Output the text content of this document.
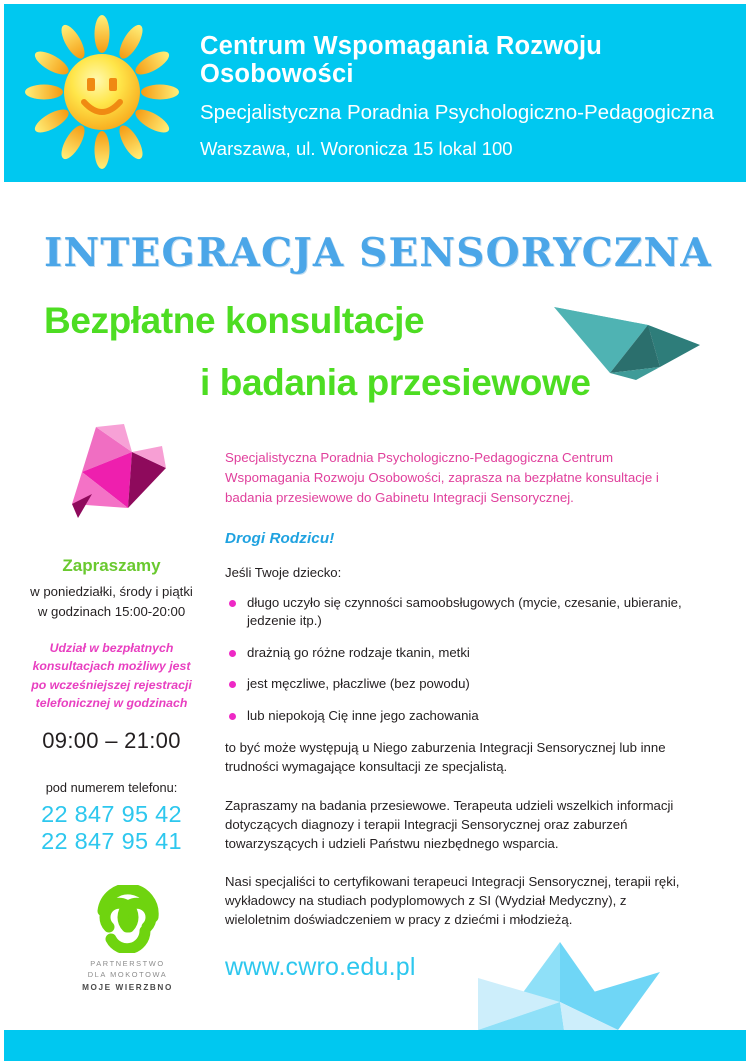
Centrum Wspomagania Rozwoju Osobowości
Specjalistyczna Poradnia Psychologiczno-Pedagogiczna
Warszawa, ul. Woronicza 15 lokal 100
INTEGRACJA SENSORYCZNA
Bezpłatne konsultacje
i badania przesiewowe
Zapraszamy
w poniedziałki, środy i piątki
w godzinach 15:00-20:00
Udział w bezpłatnych
konsultacjach możliwy jest
po wcześniejszej rejestracji
telefonicznej w godzinach
09:00 – 21:00
pod numerem telefonu:
22 847 95 42
22 847 95 41
PARTNERSTWO
DLA MOKOTOWA
MOJE WIERZBNO

Specjalistyczna Poradnia Psychologiczno-Pedagogiczna Centrum Wspomagania Rozwoju Osobowości, zaprasza na bezpłatne konsultacje i badania przesiewowe do Gabinetu Integracji Sensorycznej.

Drogi Rodzicu!

Jeśli Twoje dziecko:

długo uczyło się czynności samoobsługowych (mycie, czesanie, ubieranie, jedzenie itp.)
drażnią go różne rodzaje tkanin, metki
jest męczliwe, płaczliwe (bez powodu)
lub niepokoją Cię inne jego zachowania

to być może występują u Niego zaburzenia Integracji Sensorycznej lub inne trudności wymagające konsultacji ze specjalistą.

Zapraszamy na badania przesiewowe. Terapeuta udzieli wszelkich informacji dotyczących diagnozy i terapii Integracji Sensorycznej oraz zaburzeń towarzyszących i udzieli Państwu niezbędnego wsparcia.

Nasi specjaliści to certyfikowani terapeuci Integracji Sensorycznej, terapii ręki, wykładowcy na studiach podyplomowych z SI (Wydział Medyczny), z wieloletnim doświadczeniem w pracy z dziećmi i młodzieżą.

www.cwro.edu.pl
